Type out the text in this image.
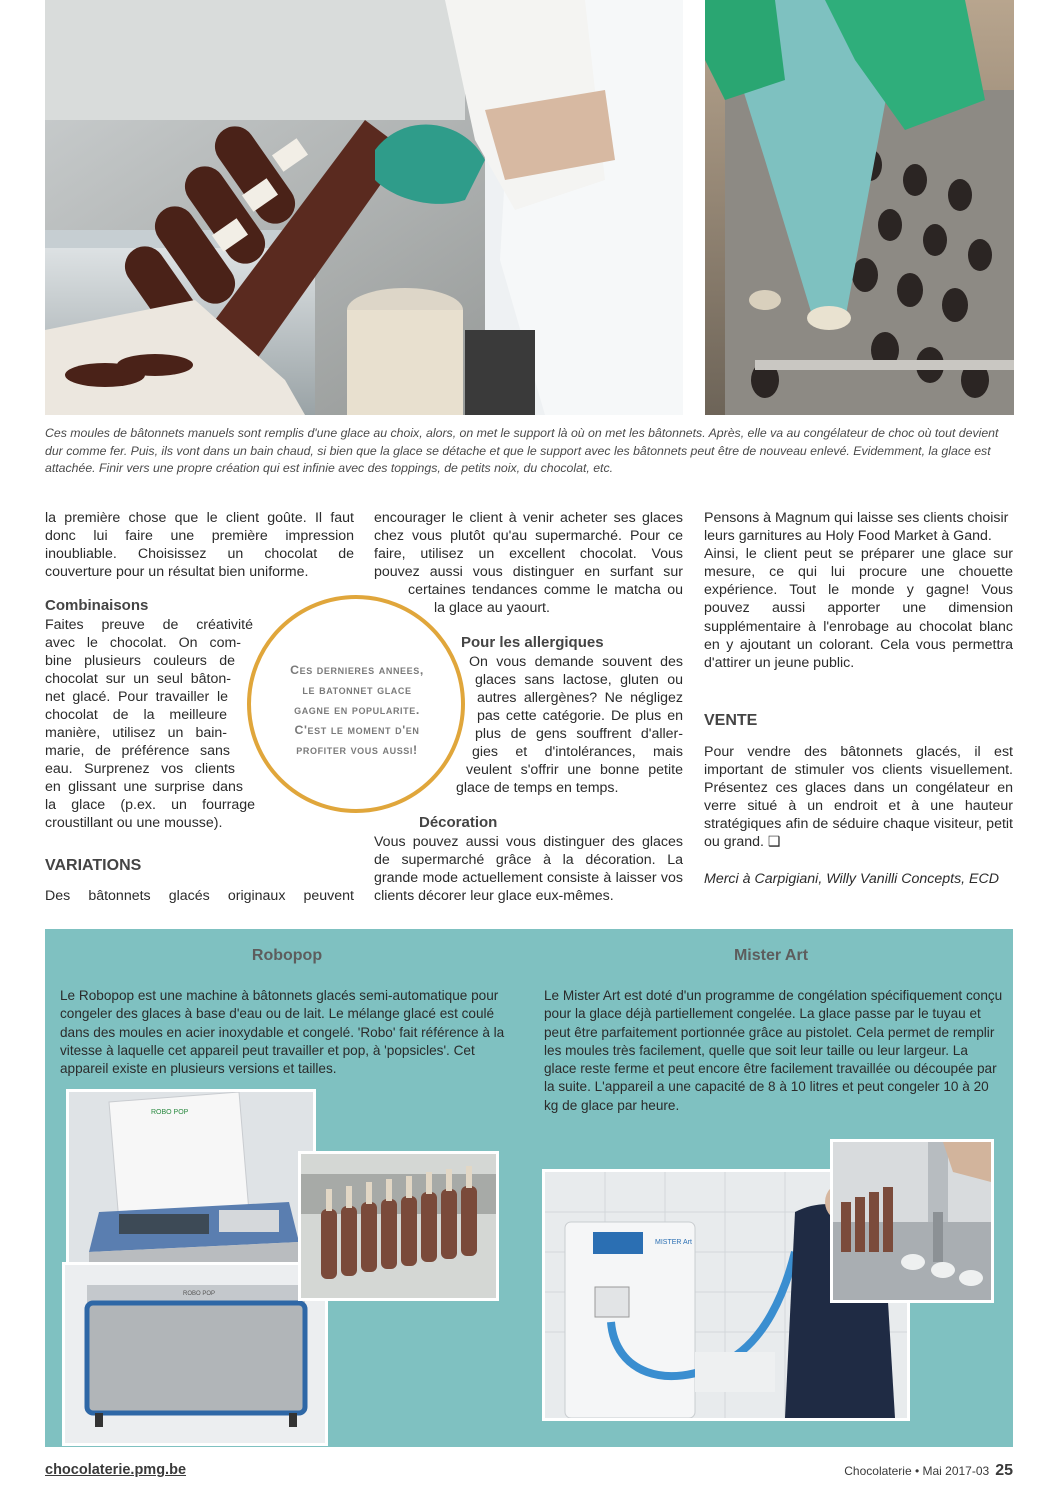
Ces moules de bâtonnets manuels sont remplis d'une glace au choix, alors, on met le support là où on met les bâtonnets. Après, elle va au congélateur de choc où tout devient dur comme fer. Puis, ils vont dans un bain chaud, si bien que la glace se détache et que le support avec les bâtonnets peut être de nouveau enlevé. Evidemment, la glace est attachée. Finir vers une propre création qui est infinie avec des toppings, de petits noix, du chocolat, etc.

la première chose que le client goûte. Il faut donc lui faire une première impression inoubliable. Choisissez un chocolat de couverture pour un résultat bien uniforme.

Combinaisons
Faites preuve de créativité
avec le chocolat. On com-
bine plusieurs couleurs de
chocolat sur un seul bâton-
net glacé. Pour travailler le
chocolat de la meilleure
manière, utilisez un bain-
marie, de préférence sans
eau. Surprenez vos clients
en glissant une surprise dans
la glace (p.ex. un fourrage
croustillant ou une mousse).
VARIATIONS
Des bâtonnets glacés originaux peuvent
encourager le client à venir acheter ses glaces
chez vous plutôt qu'au supermarché. Pour ce
faire, utilisez un excellent chocolat. Vous
pouvez aussi vous distinguer en surfant sur
certaines tendances comme le matcha ou
la glace au yaourt.
Pour les allergiques
On vous demande souvent des
glaces sans lactose, gluten ou
autres allergènes? Ne négligez
pas cette catégorie. De plus en
plus de gens souffrent d'aller-
gies et d'intolérances, mais
veulent s'offrir une bonne petite
glace de temps en temps.
Décoration

Vous pouvez aussi vous distinguer des glaces de supermarché grâce à la décoration. La grande mode actuellement consiste à laisser vos clients décorer leur glace eux-mêmes.

Ces dernieres annees,
le batonnet glace
gagne en popularite.
C'est le moment d'en
profiter vous aussi!

Pensons à Magnum qui laisse ses clients choisir leurs garnitures au Holy Food Market à Gand.

Ainsi, le client peut se préparer une glace sur mesure, ce qui lui procure une chouette expérience. Tout le monde y gagne! Vous pouvez aussi apporter une dimension supplémentaire à l'enrobage au chocolat blanc en y ajoutant un colorant. Cela vous permettra d'attirer un jeune public.

VENTE

Pour vendre des bâtonnets glacés, il est important de stimuler vos clients visuellement. Présentez ces glaces dans un congélateur en verre situé à un endroit et à une hauteur stratégiques afin de séduire chaque visiteur, petit ou grand. ❑

Merci à Carpigiani, Willy Vanilli Concepts, ECD

Robopop
Le Robopop est une machine à bâtonnets glacés semi-automatique pour congeler des glaces à base d'eau ou de lait. Le mélange glacé est coulé dans des moules en acier inoxydable et congelé. 'Robo' fait référence à la vitesse à laquelle cet appareil peut travailler et pop, à 'popsicles'. Cet appareil existe en plusieurs versions et tailles.
Mister Art
Le Mister Art est doté d'un programme de congélation spécifiquement conçu pour la glace déjà partiellement congelée. La glace passe par le tuyau et peut être parfaitement portionnée grâce au pistolet. Cela permet de remplir les moules très facilement, quelle que soit leur taille ou leur largeur. La glace reste ferme et peut encore être facilement travaillée ou découpée par la suite. L'appareil a une capacité de 8 à 10 litres et peut congeler 10 à 20 kg de glace par heure.
ROBO POP
ROBO POP
MISTER Art
chocolaterie.pmg.be	Chocolaterie • Mai 2017-03 25
